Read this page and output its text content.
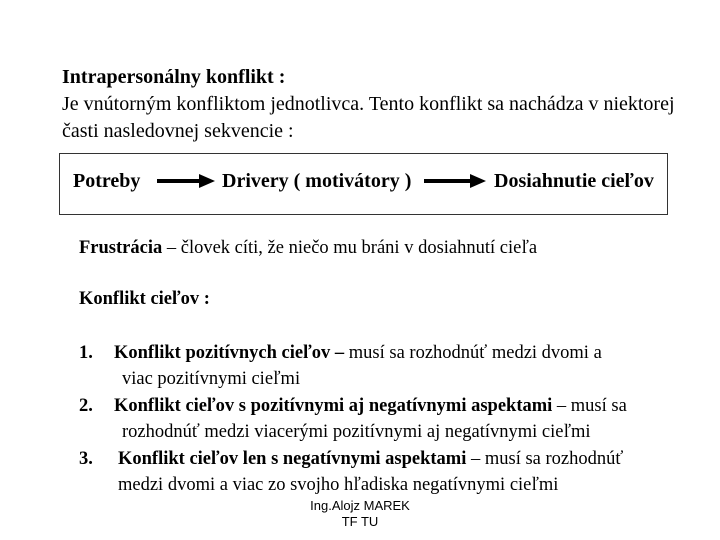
Intrapersonálny konflikt :
Je vnútorným konfliktom jednotlivca. Tento konflikt sa nachádza v niektorej
časti nasledovnej sekvencie :
Potreby	Drivery ( motivátory )	Dosiahnutie cieľov
Frustrácia – človek cíti, že niečo mu bráni v dosiahnutí cieľa
Konflikt cieľov :
1. Konflikt pozitívnych cieľov – musí sa rozhodnúť medzi dvomi a
viac pozitívnymi cieľmi
2. Konflikt cieľov s pozitívnymi aj negatívnymi aspektami – musí sa
rozhodnúť medzi viacerými pozitívnymi aj negatívnymi cieľmi
3. Konflikt cieľov len s negatívnymi aspektami – musí sa rozhodnúť
medzi dvomi a viac zo svojho hľadiska negatívnymi cieľmi
Ing.Alojz MAREK
TF TU
